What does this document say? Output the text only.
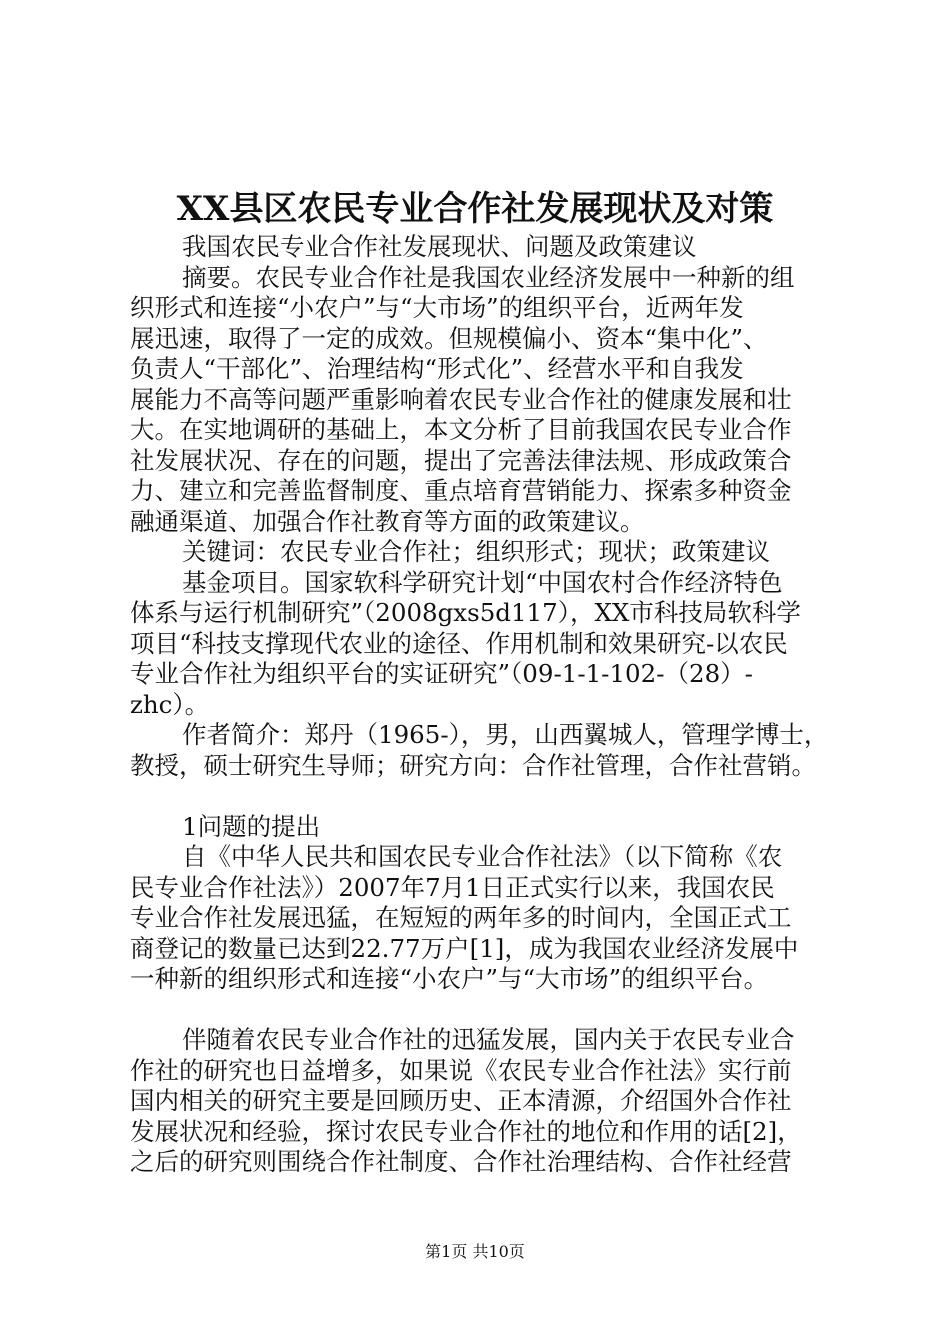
XX县区农民专业合作社发展现状及对策
我国农民专业合作社发展现状、问题及政策建议
摘要。农民专业合作社是我国农业经济发展中一种新的组
织形式和连接“小农户”与“大市场”的组织平台，近两年发
展迅速，取得了一定的成效。但规模偏小、资本“集中化”、
负责人“干部化”、治理结构“形式化”、经营水平和自我发
展能力不高等问题严重影响着农民专业合作社的健康发展和壮
大。在实地调研的基础上，本文分析了目前我国农民专业合作
社发展状况、存在的问题，提出了完善法律法规、形成政策合
力、建立和完善监督制度、重点培育营销能力、探索多种资金
融通渠道、加强合作社教育等方面的政策建议。
关键词：农民专业合作社；组织形式；现状；政策建议
基金项目。国家软科学研究计划“中国农村合作经济特色
体系与运行机制研究”（2008gxs5d117），XX市科技局软科学
项目“科技支撑现代农业的途径、作用机制和效果研究-以农民
专业合作社为组织平台的实证研究”（09-1-1-102-（28）-
zhc）。
作者简介：郑丹（1965-），男，山西翼城人，管理学博士，
教授，硕士研究生导师；研究方向：合作社管理，合作社营销。
1问题的提出
自《中华人民共和国农民专业合作社法》（以下简称《农
民专业合作社法》）2007年7月1日正式实行以来，我国农民
专业合作社发展迅猛，在短短的两年多的时间内，全国正式工
商登记的数量已达到22.77万户[1]，成为我国农业经济发展中
一种新的组织形式和连接“小农户”与“大市场”的组织平台。
伴随着农民专业合作社的迅猛发展，国内关于农民专业合
作社的研究也日益增多，如果说《农民专业合作社法》实行前
国内相关的研究主要是回顾历史、正本清源，介绍国外合作社
发展状况和经验，探讨农民专业合作社的地位和作用的话[2]，
之后的研究则围绕合作社制度、合作社治理结构、合作社经营
第1页 共10页
